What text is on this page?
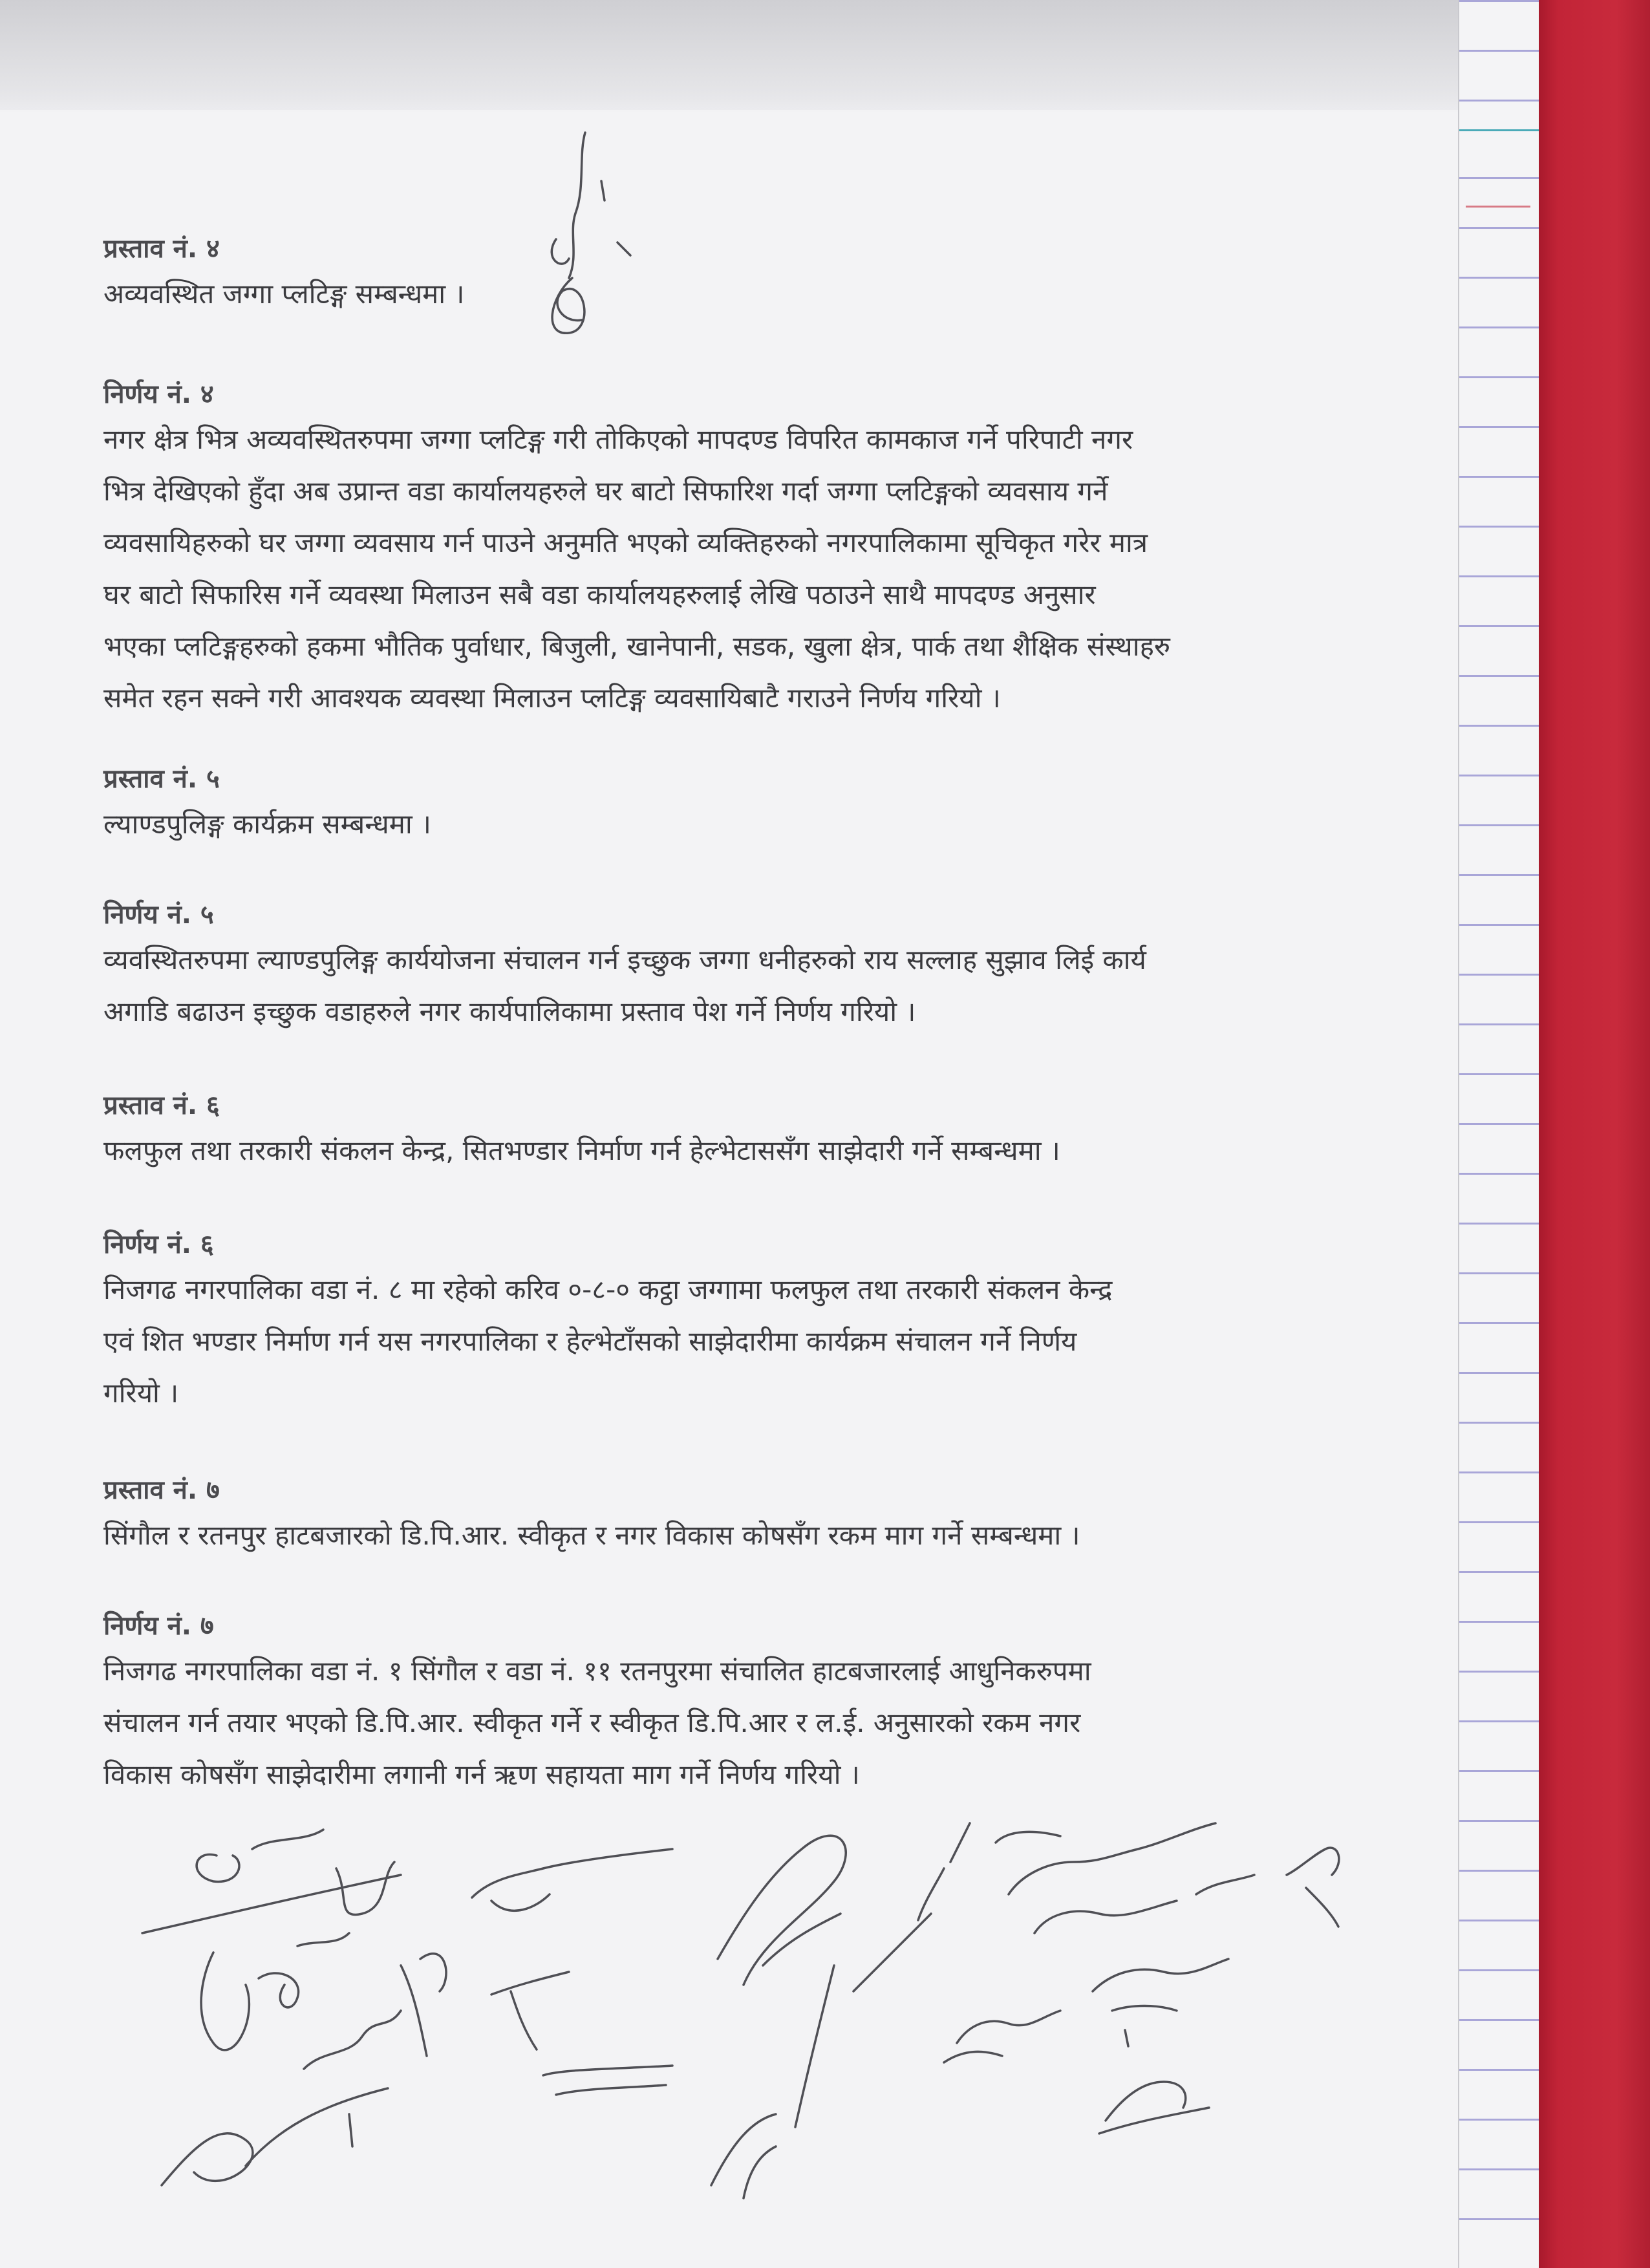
प्रस्ताव नं. ४

अव्यवस्थित जग्गा प्लटिङ्ग सम्बन्धमा ।

निर्णय नं. ४

नगर क्षेत्र भित्र अव्यवस्थितरुपमा जग्गा प्लटिङ्ग गरी तोकिएको मापदण्ड विपरित कामकाज गर्ने परिपाटी नगर

भित्र देखिएको हुँदा अब उप्रान्त वडा कार्यालयहरुले घर बाटो सिफारिश गर्दा जग्गा प्लटिङ्गको व्यवसाय गर्ने

व्यवसायिहरुको घर जग्गा व्यवसाय गर्न पाउने अनुमति भएको व्यक्तिहरुको नगरपालिकामा सूचिकृत गरेर मात्र

घर बाटो सिफारिस गर्ने व्यवस्था मिलाउन सबै वडा कार्यालयहरुलाई लेखि पठाउने साथै मापदण्ड अनुसार

भएका प्लटिङ्गहरुको हकमा भौतिक पुर्वाधार, बिजुली, खानेपानी, सडक, खुला क्षेत्र, पार्क तथा शैक्षिक संस्थाहरु

समेत रहन सक्ने गरी आवश्यक व्यवस्था मिलाउन प्लटिङ्ग व्यवसायिबाटै गराउने निर्णय गरियो ।

प्रस्ताव नं. ५

ल्याण्डपुलिङ्ग कार्यक्रम सम्बन्धमा ।

निर्णय नं. ५

व्यवस्थितरुपमा ल्याण्डपुलिङ्ग कार्ययोजना संचालन गर्न इच्छुक जग्गा धनीहरुको राय सल्लाह सुझाव लिई कार्य

अगाडि बढाउन इच्छुक वडाहरुले नगर कार्यपालिकामा प्रस्ताव पेश गर्ने निर्णय गरियो ।

प्रस्ताव नं. ६

फलफुल तथा तरकारी संकलन केन्द्र, सितभण्डार निर्माण गर्न हेल्भेटाससँग साझेदारी गर्ने सम्बन्धमा ।

निर्णय नं. ६

निजगढ नगरपालिका वडा नं. ८ मा रहेको करिव ०-८-० कट्ठा जग्गामा फलफुल तथा तरकारी संकलन केन्द्र

एवं शित भण्डार निर्माण गर्न यस नगरपालिका र हेल्भेटाँसको साझेदारीमा कार्यक्रम संचालन गर्ने निर्णय

गरियो ।

प्रस्ताव नं. ७

सिंगौल र रतनपुर हाटबजारको डि.पि.आर. स्वीकृत र नगर विकास कोषसँग रकम माग गर्ने सम्बन्धमा ।

निर्णय नं. ७

निजगढ नगरपालिका वडा नं. १ सिंगौल र वडा नं. ११ रतनपुरमा संचालित हाटबजारलाई आधुनिकरुपमा

संचालन गर्न तयार भएको डि.पि.आर. स्वीकृत गर्ने र स्वीकृत डि.पि.आर र ल.ई. अनुसारको रकम नगर

विकास कोषसँग साझेदारीमा लगानी गर्न ऋण सहायता माग गर्ने निर्णय गरियो ।
